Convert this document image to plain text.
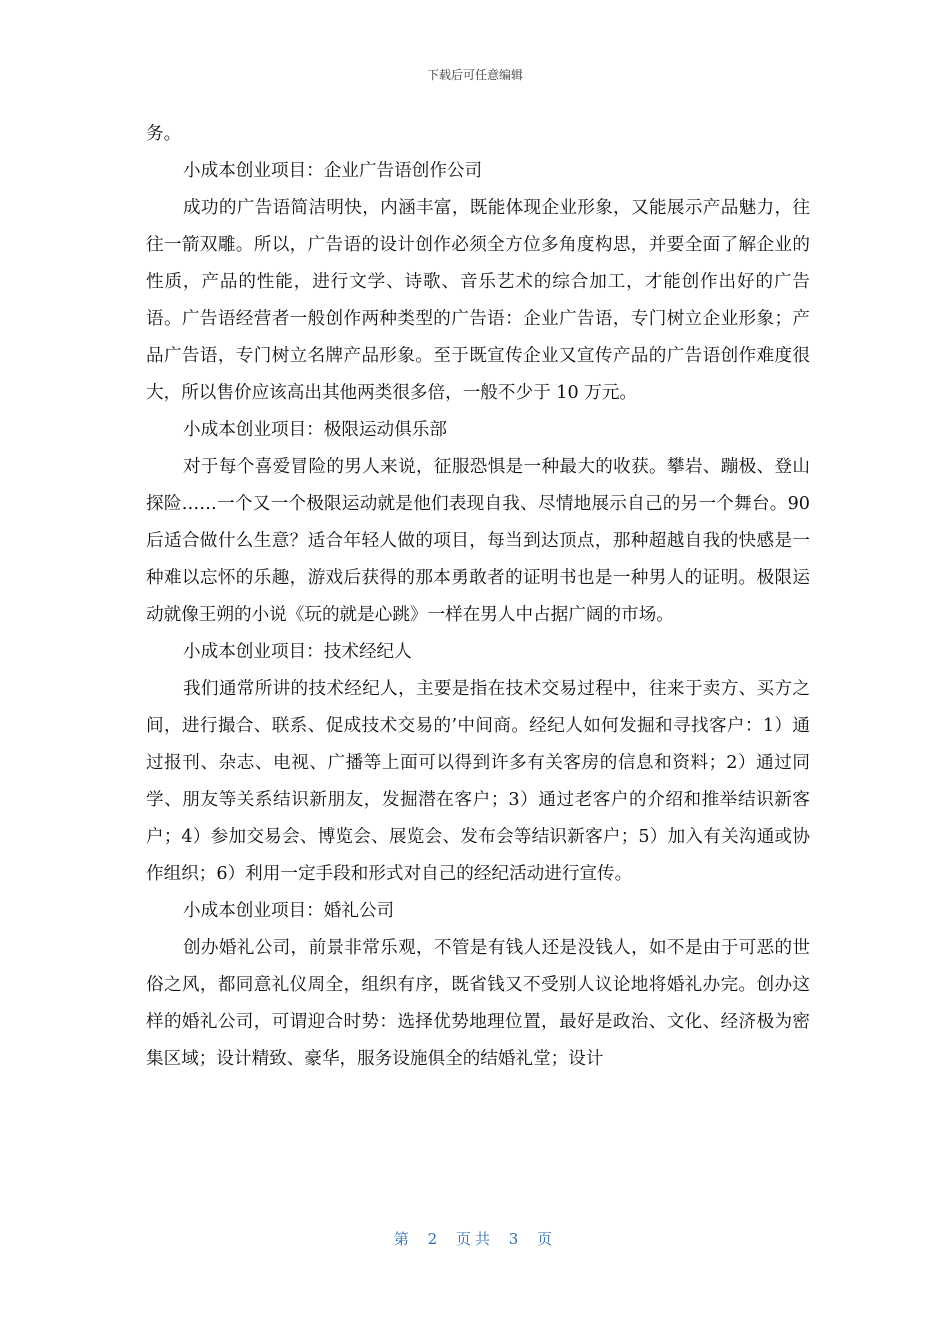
下载后可任意编辑

务。

小成本创业项目：企业广告语创作公司

成功的广告语简洁明快，内涵丰富，既能体现企业形象，又能展示产品魅力，往往一箭双雕。所以，广告语的设计创作必须全方位多角度构思，并要全面了解企业的性质，产品的性能，进行文学、诗歌、音乐艺术的综合加工，才能创作出好的广告语。广告语经营者一般创作两种类型的广告语：企业广告语，专门树立企业形象；产品广告语，专门树立名牌产品形象。至于既宣传企业又宣传产品的广告语创作难度很大，所以售价应该高出其他两类很多倍，一般不少于 10 万元。

小成本创业项目：极限运动俱乐部

对于每个喜爱冒险的男人来说，征服恐惧是一种最大的收获。攀岩、蹦极、登山探险……一个又一个极限运动就是他们表现自我、尽情地展示自己的另一个舞台。90 后适合做什么生意？适合年轻人做的项目，每当到达顶点，那种超越自我的快感是一种难以忘怀的乐趣，游戏后获得的那本勇敢者的证明书也是一种男人的证明。极限运动就像王朔的小说《玩的就是心跳》一样在男人中占据广阔的市场。

小成本创业项目：技术经纪人

我们通常所讲的技术经纪人，主要是指在技术交易过程中，往来于卖方、买方之间，进行撮合、联系、促成技术交易的’中间商。经纪人如何发掘和寻找客户：1）通过报刊、杂志、电视、广播等上面可以得到许多有关客房的信息和资料；2）通过同学、朋友等关系结识新朋友，发掘潜在客户；3）通过老客户的介绍和推举结识新客户；4）参加交易会、博览会、展览会、发布会等结识新客户；5）加入有关沟通或协作组织；6）利用一定手段和形式对自己的经纪活动进行宣传。

小成本创业项目：婚礼公司

创办婚礼公司，前景非常乐观，不管是有钱人还是没钱人，如不是由于可恶的世俗之风，都同意礼仪周全，组织有序，既省钱又不受别人议论地将婚礼办完。创办这样的婚礼公司，可谓迎合时势：选择优势地理位置，最好是政治、文化、经济极为密集区域；设计精致、豪华，服务设施俱全的结婚礼堂；设计

第 2 页共 3 页
